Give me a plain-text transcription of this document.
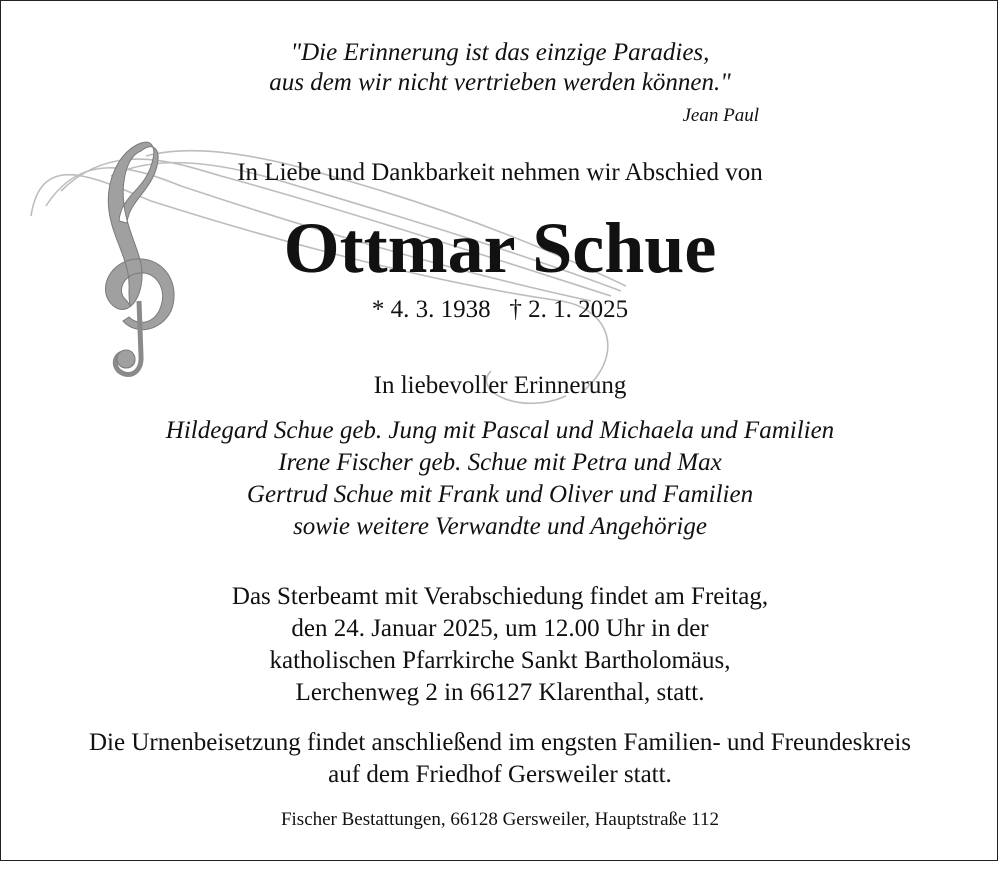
"Die Erinnerung ist das einzige Paradies,
aus dem wir nicht vertrieben werden können."
Jean Paul
In Liebe und Dankbarkeit nehmen wir Abschied von
Ottmar Schue
* 4. 3. 1938   † 2. 1. 2025
In liebevoller Erinnerung
Hildegard Schue geb. Jung mit Pascal und Michaela und Familien
Irene Fischer geb. Schue mit Petra und Max
Gertrud Schue mit Frank und Oliver und Familien
sowie weitere Verwandte und Angehörige
Das Sterbeamt mit Verabschiedung findet am Freitag,
den 24. Januar 2025, um 12.00 Uhr in der
katholischen Pfarrkirche Sankt Bartholomäus,
Lerchenweg 2 in 66127 Klarenthal, statt.
Die Urnenbeisetzung findet anschließend im engsten Familien- und Freundeskreis
auf dem Friedhof Gersweiler statt.
Fischer Bestattungen, 66128 Gersweiler, Hauptstraße 112
